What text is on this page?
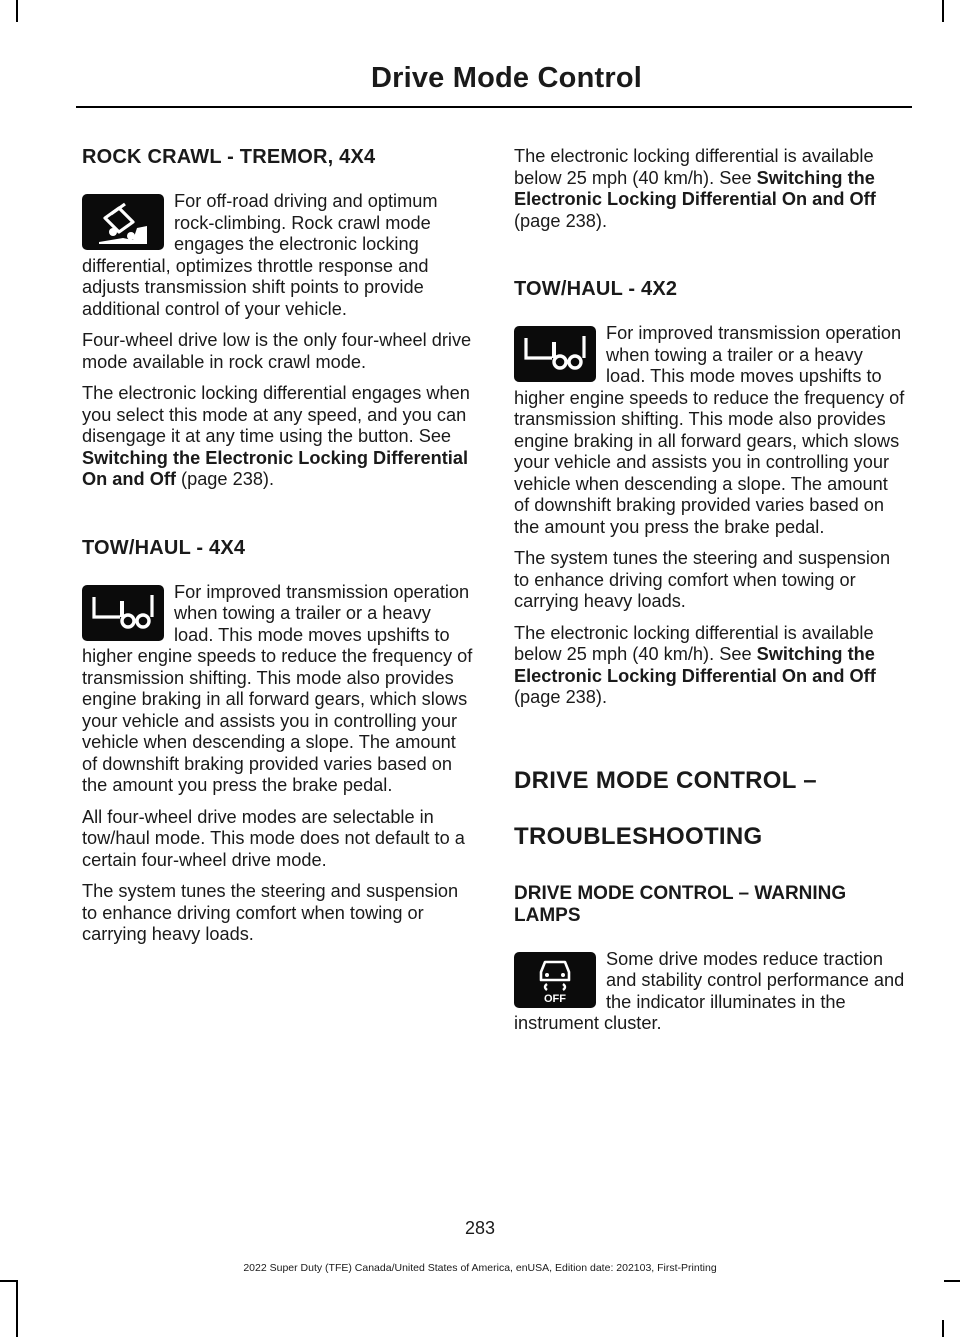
Drive Mode Control
ROCK CRAWL - TREMOR, 4X4

For off-road driving and optimum rock-climbing. Rock crawl mode engages the electronic locking differential, optimizes throttle response and adjusts transmission shift points to provide additional control of your vehicle.

Four-wheel drive low is the only four-wheel drive mode available in rock crawl mode.

The electronic locking differential engages when you select this mode at any speed, and you can disengage it at any time using the button. See Switching the Electronic Locking Differential On and Off (page 238).

TOW/HAUL - 4X4

For improved transmission operation when towing a trailer or a heavy load. This mode moves upshifts to higher engine speeds to reduce the frequency of transmission shifting. This mode also provides engine braking in all forward gears, which slows your vehicle and assists you in controlling your vehicle when descending a slope. The amount of downshift braking provided varies based on the amount you press the brake pedal.

All four-wheel drive modes are selectable in tow/haul mode. This mode does not default to a certain four-wheel drive mode.

The system tunes the steering and suspension to enhance driving comfort when towing or carrying heavy loads.

The electronic locking differential is available below 25 mph (40 km/h). See Switching the Electronic Locking Differential On and Off (page 238).

TOW/HAUL - 4X2

For improved transmission operation when towing a trailer or a heavy load. This mode moves upshifts to higher engine speeds to reduce the frequency of transmission shifting. This mode also provides engine braking in all forward gears, which slows your vehicle and assists you in controlling your vehicle when descending a slope. The amount of downshift braking provided varies based on the amount you press the brake pedal.

The system tunes the steering and suspension to enhance driving comfort when towing or carrying heavy loads.

The electronic locking differential is available below 25 mph (40 km/h). See Switching the Electronic Locking Differential On and Off (page 238).

DRIVE MODE CONTROL –
TROUBLESHOOTING
DRIVE MODE CONTROL – WARNING LAMPS

OFF
Some drive modes reduce traction and stability control performance and the indicator illuminates in the instrument cluster.

283
2022 Super Duty (TFE) Canada/United States of America, enUSA, Edition date: 202103, First-Printing
